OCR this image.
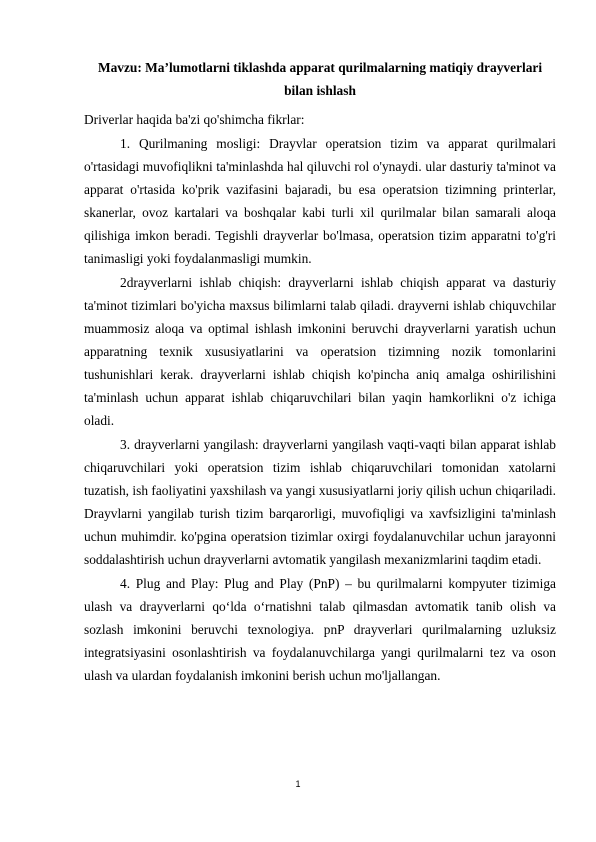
Mavzu: Ma’lumotlarni tiklashda apparat qurilmalarning matiqiy drayverlari bilan ishlash

Driverlar haqida ba'zi qo'shimcha fikrlar:

1. Qurilmaning mosligi: Drayvlar operatsion tizim va apparat qurilmalari o'rtasidagi muvofiqlikni ta'minlashda hal qiluvchi rol o'ynaydi. ular dasturiy ta'minot va apparat o'rtasida ko'prik vazifasini bajaradi, bu esa operatsion tizimning printerlar, skanerlar, ovoz kartalari va boshqalar kabi turli xil qurilmalar bilan samarali aloqa qilishiga imkon beradi. Tegishli drayverlar bo'lmasa, operatsion tizim apparatni to'g'ri tanimasligi yoki foydalanmasligi mumkin.

2drayverlarni ishlab chiqish: drayverlarni ishlab chiqish apparat va dasturiy ta'minot tizimlari bo'yicha maxsus bilimlarni talab qiladi. drayverni ishlab chiquvchilar muammosiz aloqa va optimal ishlash imkonini beruvchi drayverlarni yaratish uchun apparatning texnik xususiyatlarini va operatsion tizimning nozik tomonlarini tushunishlari kerak. drayverlarni ishlab chiqish ko'pincha aniq amalga oshirilishini ta'minlash uchun apparat ishlab chiqaruvchilari bilan yaqin hamkorlikni o'z ichiga oladi.

3. drayverlarni yangilash: drayverlarni yangilash vaqti-vaqti bilan apparat ishlab chiqaruvchilari yoki operatsion tizim ishlab chiqaruvchilari tomonidan xatolarni tuzatish, ish faoliyatini yaxshilash va yangi xususiyatlarni joriy qilish uchun chiqariladi. Drayvlarni yangilab turish tizim barqarorligi, muvofiqligi va xavfsizligini ta'minlash uchun muhimdir. ko'pgina operatsion tizimlar oxirgi foydalanuvchilar uchun jarayonni soddalashtirish uchun drayverlarni avtomatik yangilash mexanizmlarini taqdim etadi.

4. Plug and Play: Plug and Play (PnP) – bu qurilmalarni kompyuter tizimiga ulash va drayverlarni qo‘lda o‘rnatishni talab qilmasdan avtomatik tanib olish va sozlash imkonini beruvchi texnologiya. pnP drayverlari qurilmalarning uzluksiz integratsiyasini osonlashtirish va foydalanuvchilarga yangi qurilmalarni tez va oson ulash va ulardan foydalanish imkonini berish uchun mo'ljallangan.

1
